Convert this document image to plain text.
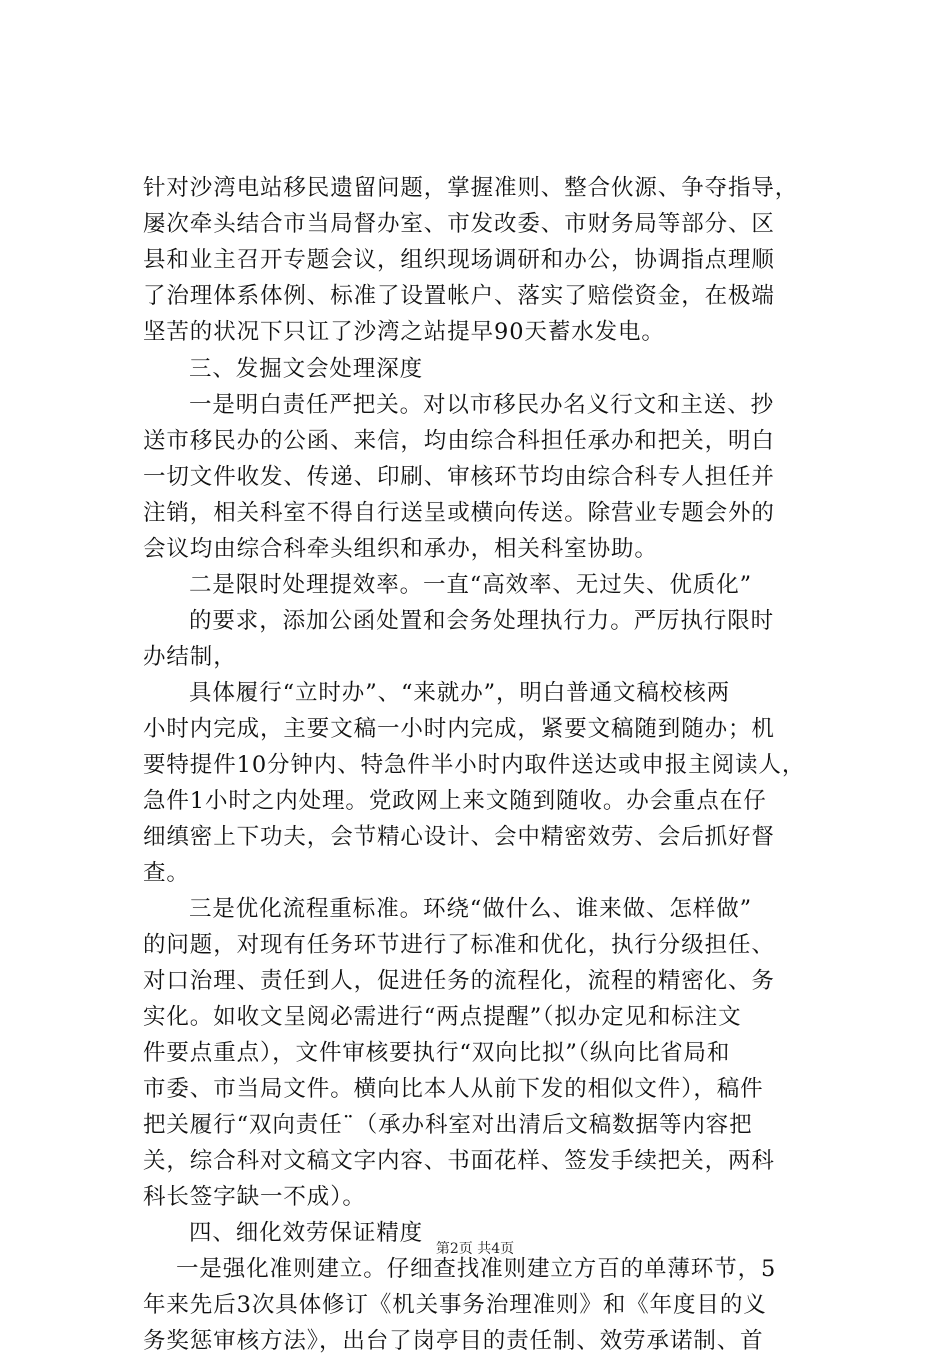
针对沙湾电站移民遗留问题，掌握准则、整合伙源、争夺指导，
屡次牵头结合市当局督办室、市发改委、市财务局等部分、区
县和业主召开专题会议，组织现场调研和办公，协调指点理顺
了治理体系体例、标准了设置帐户、落实了赔偿资金，在极端
坚苦的状况下只讧了沙湾之站提早90天蓄水发电。
三、发掘文会处理深度
一是明白责任严把关。对以市移民办名义行文和主送、抄
送市移民办的公函、来信，均由综合科担任承办和把关，明白
一切文件收发、传递、印刷、审核环节均由综合科专人担任并
注销，相关科室不得自行送呈或横向传送。除营业专题会外的
会议均由综合科牵头组织和承办，相关科室协助。
二是限时处理提效率。一直“高效率、无过失、优质化”
的要求，添加公函处置和会务处理执行力。严厉执行限时
办结制，
具体履行“立时办”、“来就办”，明白普通文稿校核两
小时内完成，主要文稿一小时内完成，紧要文稿随到随办；机
要特提件10分钟内、特急件半小时内取件送达或申报主阅读人，
急件1小时之内处理。党政网上来文随到随收。办会重点在仔
细缜密上下功夫，会节精心设计、会中精密效劳、会后抓好督
查。
三是优化流程重标准。环绕“做什么、谁来做、怎样做”
的问题，对现有任务环节进行了标准和优化，执行分级担任、
对口治理、责任到人，促进任务的流程化，流程的精密化、务
实化。如收文呈阅必需进行“两点提醒”（拟办定见和标注文
件要点重点），文件审核要执行“双向比拟”（纵向比省局和
市委、市当局文件。横向比本人从前下发的相似文件），稿件
把关履行“双向责任¨（承办科室对出清后文稿数据等内容把
关，综合科对文稿文字内容、书面花样、签发手续把关，两科
科长签字缺一不成）。
四、细化效劳保证精度
一是强化准则建立。仔细查找准则建立方百的单薄环节，5
年来先后3次具体修订《机关事务治理准则》和《年度目的义
务奖惩审核方法》，出台了岗亭目的责任制、效劳承诺制、首
第2页 共4页
